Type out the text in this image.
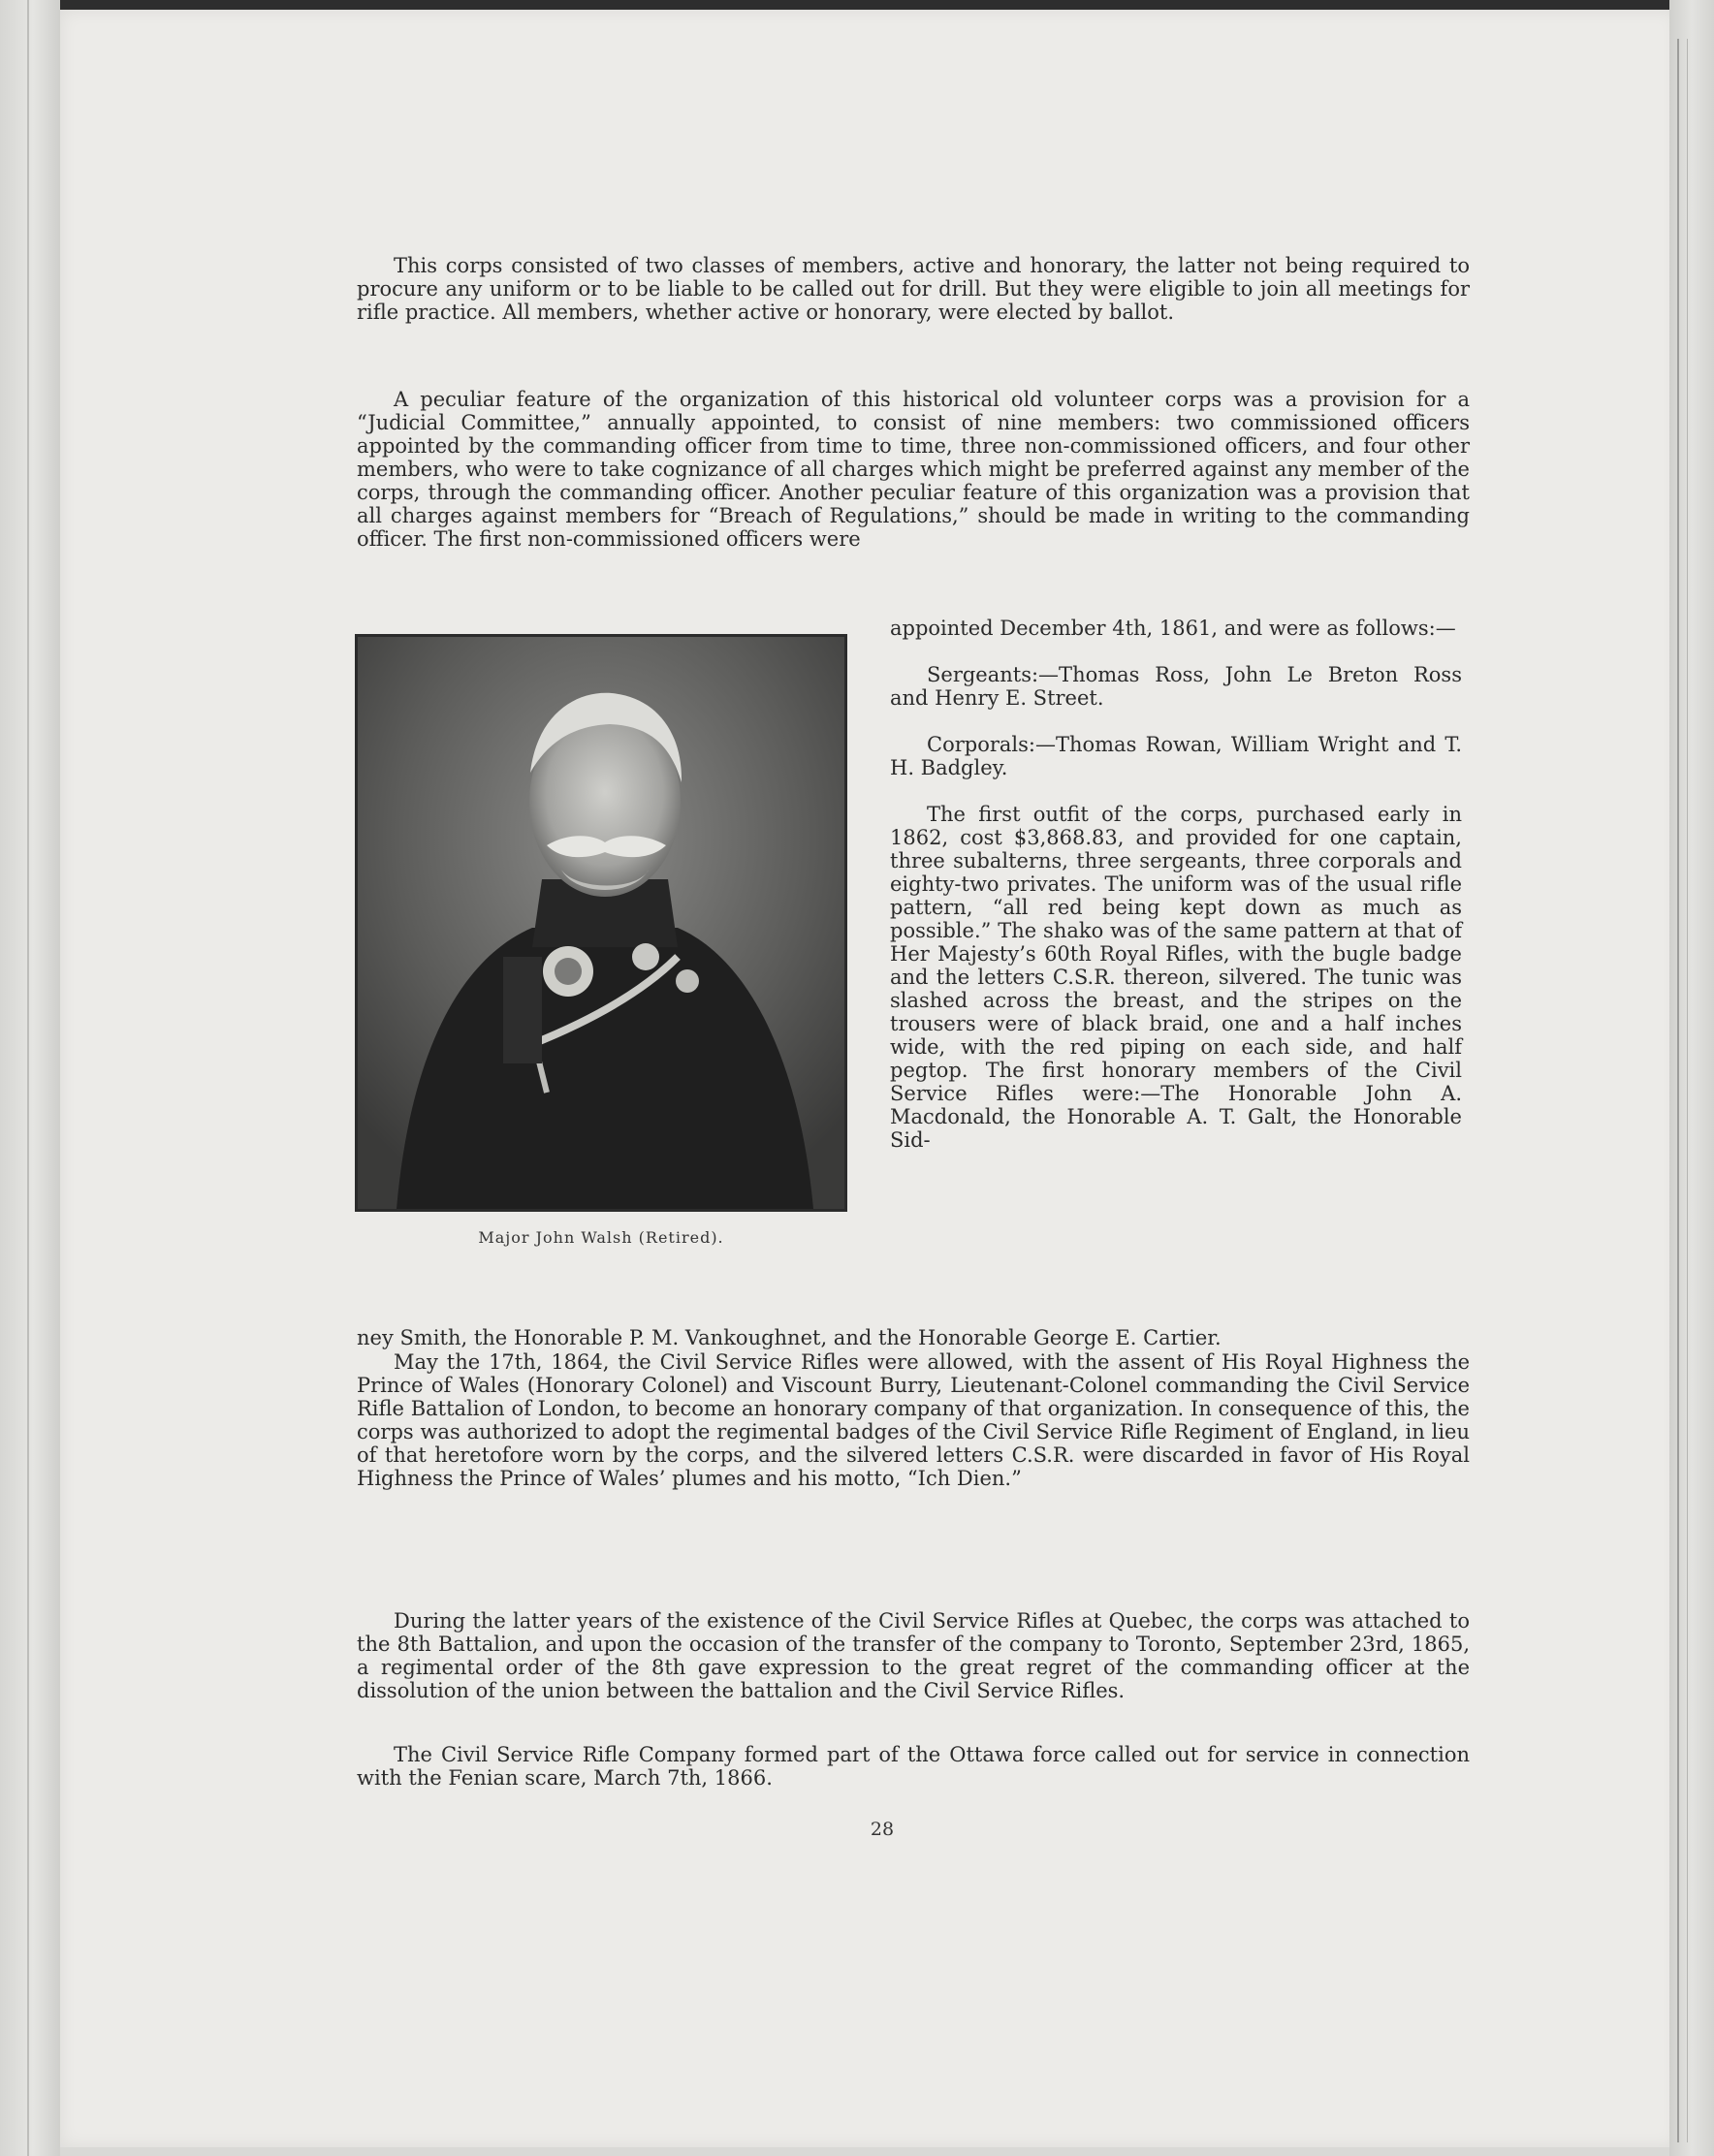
This corps consisted of two classes of members, active and honorary, the latter not being required to procure any uniform or to be liable to be called out for drill. But they were eligible to join all meetings for rifle practice. All members, whether active or honorary, were elected by ballot.

A peculiar feature of the organization of this historical old volunteer corps was a provision for a “Judicial Committee,” annually appointed, to consist of nine members: two commissioned officers appointed by the commanding officer from time to time, three non-commissioned officers, and four other members, who were to take cognizance of all charges which might be preferred against any member of the corps, through the commanding officer. Another peculiar feature of this organization was a provision that all charges against members for “Breach of Regulations,” should be made in writing to the commanding officer. The first non-commissioned officers were

Major John Walsh (Retired).

appointed December 4th, 1861, and were as follows:—

Sergeants:—Thomas Ross, John Le Breton Ross and Henry E. Street.

Corporals:—Thomas Rowan, William Wright and T. H. Badgley.

The first outfit of the corps, purchased early in 1862, cost $3,868.83, and provided for one captain, three subalterns, three sergeants, three corporals and eighty-two privates. The uniform was of the usual rifle pattern, “all red being kept down as much as possible.” The shako was of the same pattern at that of Her Majesty’s 60th Royal Rifles, with the bugle badge and the letters C.S.R. thereon, silvered. The tunic was slashed across the breast, and the stripes on the trousers were of black braid, one and a half inches wide, with the red piping on each side, and half pegtop. The first honorary members of the Civil Service Rifles were:—The Honorable John A. Macdonald, the Honorable A. T. Galt, the Honorable Sid-

ney Smith, the Honorable P. M. Vankoughnet, and the Honorable George E. Cartier.

May the 17th, 1864, the Civil Service Rifles were allowed, with the assent of His Royal Highness the Prince of Wales (Honorary Colonel) and Viscount Burry, Lieutenant-Colonel commanding the Civil Service Rifle Battalion of London, to become an honorary company of that organization. In consequence of this, the corps was authorized to adopt the regimental badges of the Civil Service Rifle Regiment of England, in lieu of that heretofore worn by the corps, and the silvered letters C.S.R. were discarded in favor of His Royal Highness the Prince of Wales’ plumes and his motto, “Ich Dien.”

During the latter years of the existence of the Civil Service Rifles at Quebec, the corps was attached to the 8th Battalion, and upon the occasion of the transfer of the company to Toronto, September 23rd, 1865, a regimental order of the 8th gave expression to the great regret of the commanding officer at the dissolution of the union between the battalion and the Civil Service Rifles.

The Civil Service Rifle Company formed part of the Ottawa force called out for service in connection with the Fenian scare, March 7th, 1866.

28
